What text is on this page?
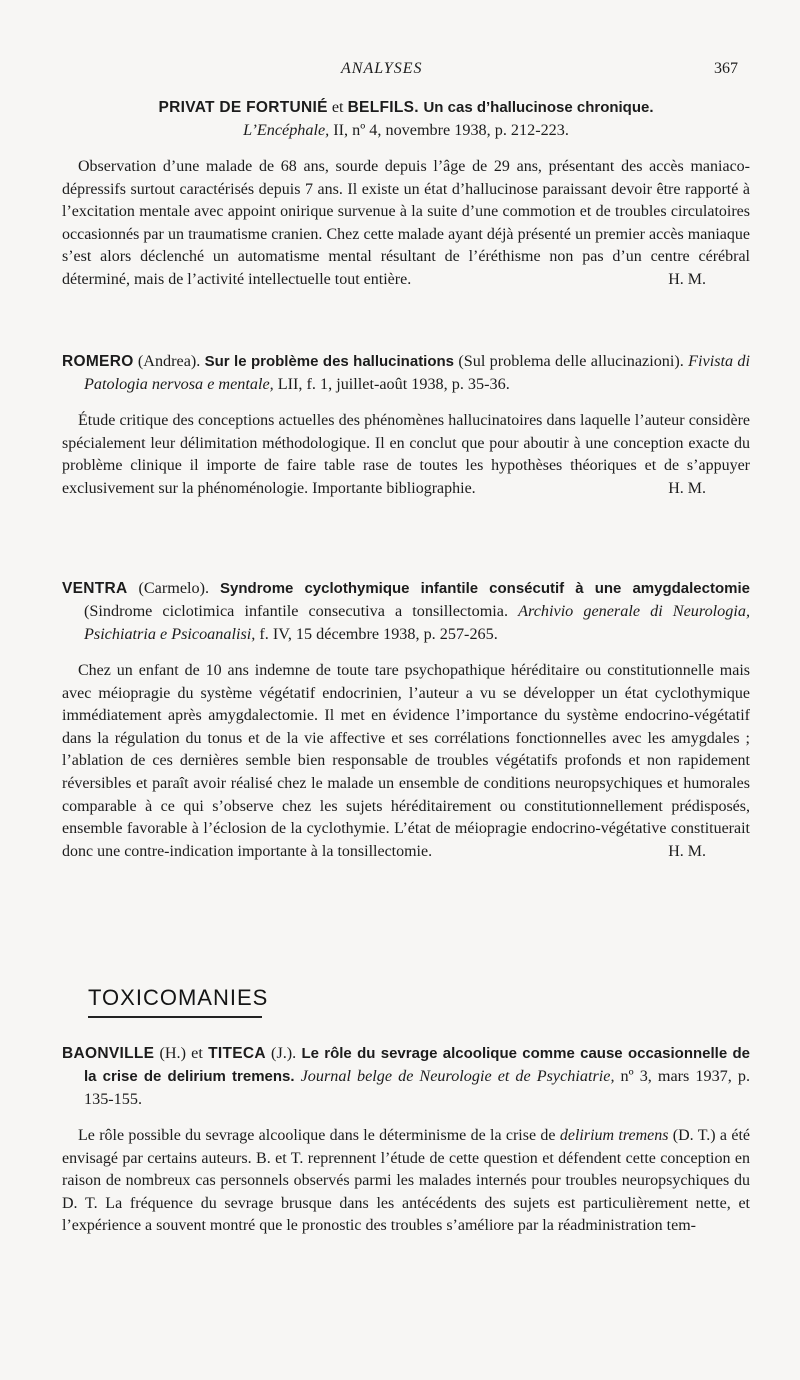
ANALYSES	367
PRIVAT DE FORTUNIÉ et BELFILS. Un cas d’hallucinose chronique.
L’Encéphale, II, nº 4, novembre 1938, p. 212-223.
Observation d’une malade de 68 ans, sourde depuis l’âge de 29 ans, présentant des accès maniaco-dépressifs surtout caractérisés depuis 7 ans. Il existe un état d’hallucinose paraissant devoir être rapporté à l’excitation mentale avec appoint onirique survenue à la suite d’une commotion et de troubles circulatoires occasionnés par un traumatisme cranien. Chez cette malade ayant déjà présenté un premier accès maniaque s’est alors déclenché un automatisme mental résultant de l’éréthisme non pas d’un centre cérébral déterminé, mais de l’activité intellectuelle tout entière.	H. M.
ROMERO (Andrea). Sur le problème des hallucinations (Sul problema delle allucinazioni). Fivista di Patologia nervosa e mentale, LII, f. 1, juillet-août 1938, p. 35-36.
Étude critique des conceptions actuelles des phénomènes hallucinatoires dans laquelle l’auteur considère spécialement leur délimitation méthodologique. Il en conclut que pour aboutir à une conception exacte du problème clinique il importe de faire table rase de toutes les hypothèses théoriques et de s’appuyer exclusivement sur la phénoménologie. Importante bibliographie.	H. M.
VENTRA (Carmelo). Syndrome cyclothymique infantile consécutif à une amygdalectomie (Sindrome ciclotimica infantile consecutiva a tonsillectomia. Archivio generale di Neurologia, Psichiatria e Psicoanalisi, f. IV, 15 décembre 1938, p. 257-265.
Chez un enfant de 10 ans indemne de toute tare psychopathique héréditaire ou constitutionnelle mais avec méiopragie du système végétatif endocrinien, l’auteur a vu se développer un état cyclothymique immédiatement après amygdalectomie. Il met en évidence l’importance du système endocrino-végétatif dans la régulation du tonus et de la vie affective et ses corrélations fonctionnelles avec les amygdales ; l’ablation de ces dernières semble bien responsable de troubles végétatifs profonds et non rapidement réversibles et paraît avoir réalisé chez le malade un ensemble de conditions neuropsychiques et humorales comparable à ce qui s’observe chez les sujets héréditairement ou constitutionnellement prédisposés, ensemble favorable à l’éclosion de la cyclothymie. L’état de méiopragie endocrino-végétative constituerait donc une contre-indication importante à la tonsillectomie.	H. M.
TOXICOMANIES
BAONVILLE (H.) et TITECA (J.). Le rôle du sevrage alcoolique comme cause occasionnelle de la crise de delirium tremens. Journal belge de Neurologie et de Psychiatrie, nº 3, mars 1937, p. 135-155.
Le rôle possible du sevrage alcoolique dans le déterminisme de la crise de delirium tremens (D. T.) a été envisagé par certains auteurs. B. et T. reprennent l’étude de cette question et défendent cette conception en raison de nombreux cas personnels observés parmi les malades internés pour troubles neuropsychiques du D. T. La fréquence du sevrage brusque dans les antécédents des sujets est particulièrement nette, et l’expérience a souvent montré que le pronostic des troubles s’améliore par la réadministration tem-
